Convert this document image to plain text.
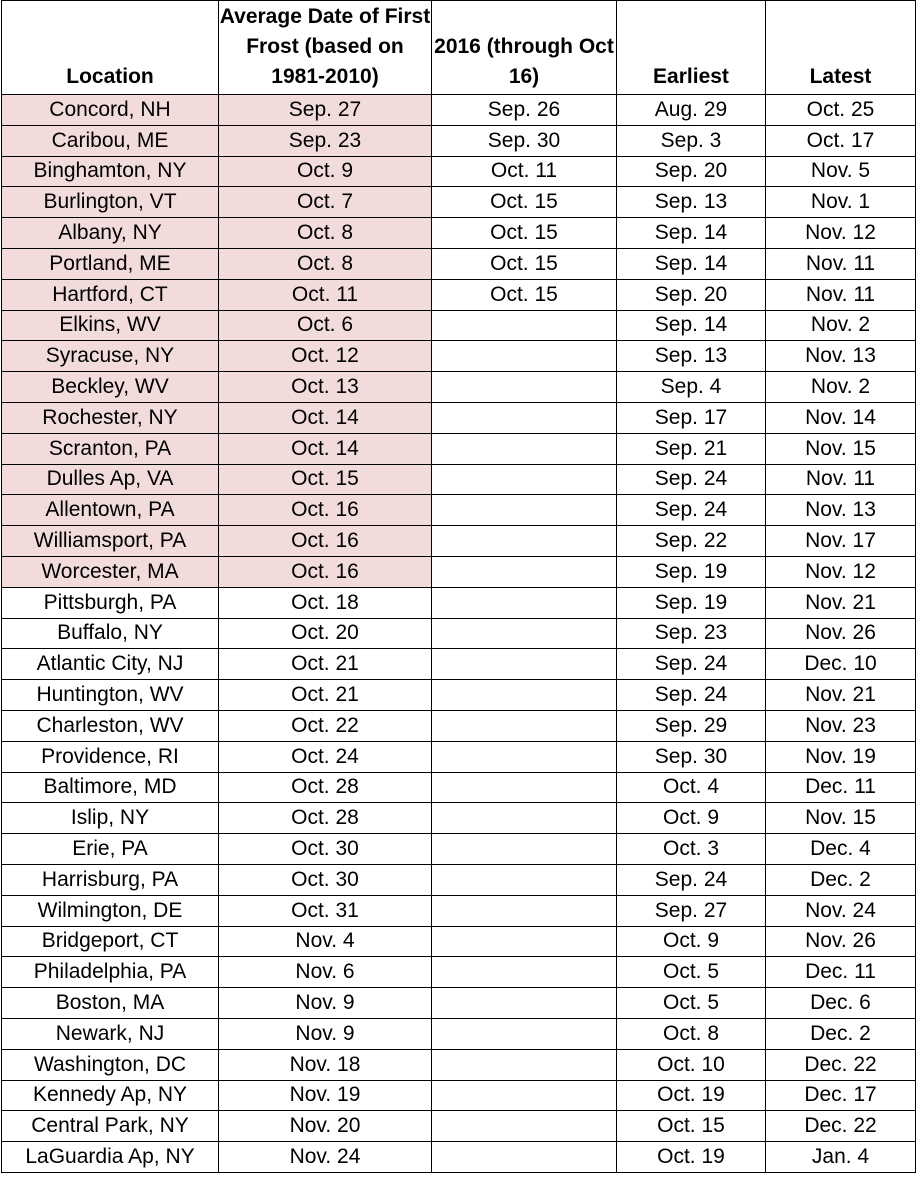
Location	Average Date of First Frost (based on 1981-2010)	2016 (through Oct 16)	Earliest	Latest
Concord, NH	Sep. 27	Sep. 26	Aug. 29	Oct. 25
Caribou, ME	Sep. 23	Sep. 30	Sep. 3	Oct. 17
Binghamton, NY	Oct. 9	Oct. 11	Sep. 20	Nov. 5
Burlington, VT	Oct. 7	Oct. 15	Sep. 13	Nov. 1
Albany, NY	Oct. 8	Oct. 15	Sep. 14	Nov. 12
Portland, ME	Oct. 8	Oct. 15	Sep. 14	Nov. 11
Hartford, CT	Oct. 11	Oct. 15	Sep. 20	Nov. 11
Elkins, WV	Oct. 6		Sep. 14	Nov. 2
Syracuse, NY	Oct. 12		Sep. 13	Nov. 13
Beckley, WV	Oct. 13		Sep. 4	Nov. 2
Rochester, NY	Oct. 14		Sep. 17	Nov. 14
Scranton, PA	Oct. 14		Sep. 21	Nov. 15
Dulles Ap, VA	Oct. 15		Sep. 24	Nov. 11
Allentown, PA	Oct. 16		Sep. 24	Nov. 13
Williamsport, PA	Oct. 16		Sep. 22	Nov. 17
Worcester, MA	Oct. 16		Sep. 19	Nov. 12
Pittsburgh, PA	Oct. 18		Sep. 19	Nov. 21
Buffalo, NY	Oct. 20		Sep. 23	Nov. 26
Atlantic City, NJ	Oct. 21		Sep. 24	Dec. 10
Huntington, WV	Oct. 21		Sep. 24	Nov. 21
Charleston, WV	Oct. 22		Sep. 29	Nov. 23
Providence, RI	Oct. 24		Sep. 30	Nov. 19
Baltimore, MD	Oct. 28		Oct. 4	Dec. 11
Islip, NY	Oct. 28		Oct. 9	Nov. 15
Erie, PA	Oct. 30		Oct. 3	Dec. 4
Harrisburg, PA	Oct. 30		Sep. 24	Dec. 2
Wilmington, DE	Oct. 31		Sep. 27	Nov. 24
Bridgeport, CT	Nov. 4		Oct. 9	Nov. 26
Philadelphia, PA	Nov. 6		Oct. 5	Dec. 11
Boston, MA	Nov. 9		Oct. 5	Dec. 6
Newark, NJ	Nov. 9		Oct. 8	Dec. 2
Washington, DC	Nov. 18		Oct. 10	Dec. 22
Kennedy Ap, NY	Nov. 19		Oct. 19	Dec. 17
Central Park, NY	Nov. 20		Oct. 15	Dec. 22
LaGuardia Ap, NY	Nov. 24		Oct. 19	Jan. 4
